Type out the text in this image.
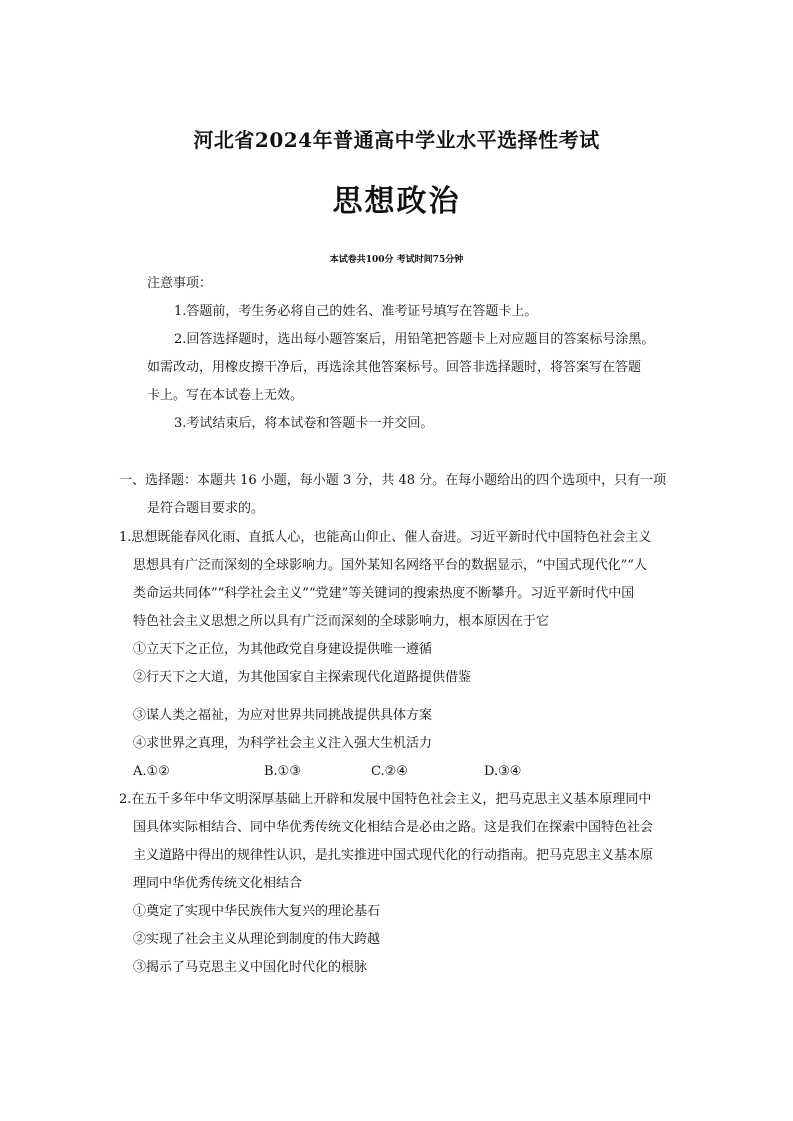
河北省2024年普通高中学业水平选择性考试
思想政治
本试卷共100分 考试时间75分钟
注意事项：
1.答题前，考生务必将自己的姓名、准考证号填写在答题卡上。
2.回答选择题时，选出每小题答案后，用铅笔把答题卡上对应题目的答案标号涂黑。
如需改动，用橡皮擦干净后，再选涂其他答案标号。回答非选择题时，将答案写在答题
卡上。写在本试卷上无效。
3.考试结束后，将本试卷和答题卡一并交回。
一、选择题：本题共 16 小题，每小题 3 分，共 48 分。在每小题给出的四个选项中，只有一项
是符合题目要求的。
1.思想既能春风化雨、直抵人心，也能高山仰止、催人奋进。习近平新时代中国特色社会主义
思想具有广泛而深刻的全球影响力。国外某知名网络平台的数据显示，“中国式现代化”“人
类命运共同体”“科学社会主义”“党建”等关键词的搜索热度不断攀升。习近平新时代中国
特色社会主义思想之所以具有广泛而深刻的全球影响力，根本原因在于它
①立天下之正位，为其他政党自身建设提供唯一遵循
②行天下之大道，为其他国家自主探索现代化道路提供借鉴
③谋人类之福祉，为应对世界共同挑战提供具体方案
④求世界之真理，为科学社会主义注入强大生机活力
A.①②	B.①③	C.②④	D.③④
2.在五千多年中华文明深厚基础上开辟和发展中国特色社会主义，把马克思主义基本原理同中
国具体实际相结合、同中华优秀传统文化相结合是必由之路。这是我们在探索中国特色社会
主义道路中得出的规律性认识，是扎实推进中国式现代化的行动指南。把马克思主义基本原
理同中华优秀传统文化相结合
①奠定了实现中华民族伟大复兴的理论基石
②实现了社会主义从理论到制度的伟大跨越
③揭示了马克思主义中国化时代化的根脉
